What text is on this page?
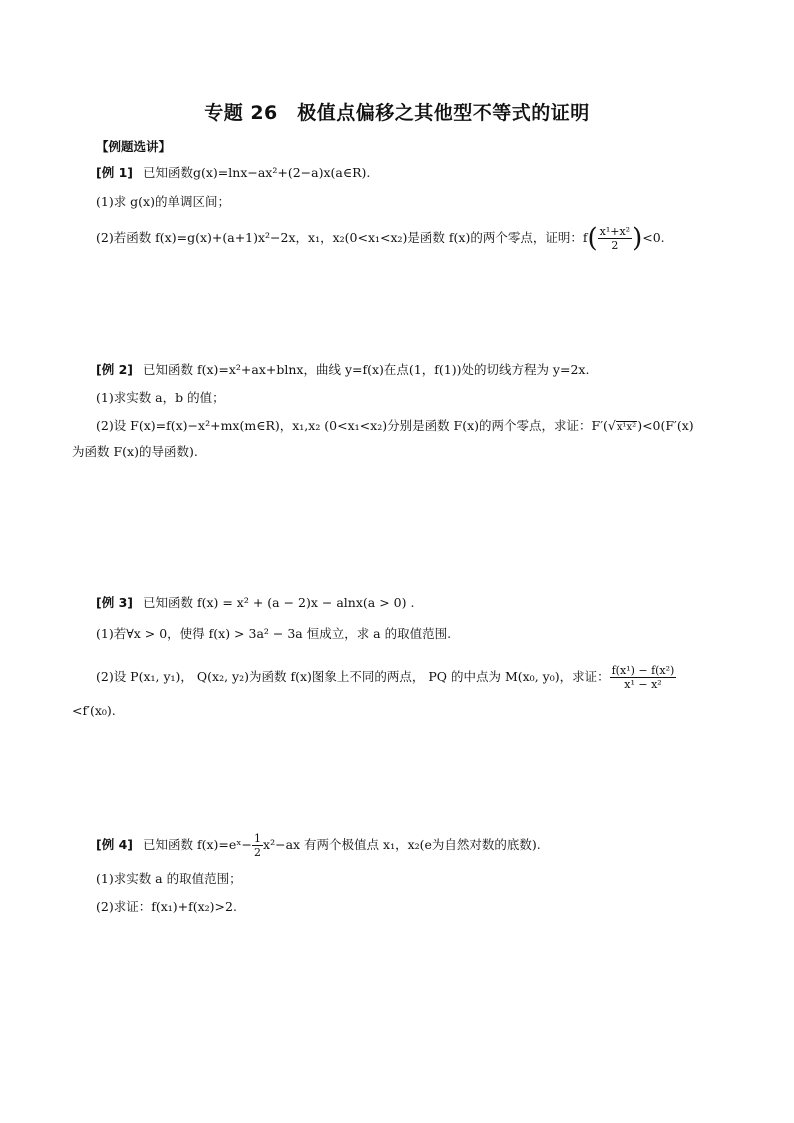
专题 26　极值点偏移之其他型不等式的证明
【例题选讲】
[例 1] 已知函数g(x)=lnx−ax²+(2−a)x(a∈R).
(1)求 g(x)的单调区间；
(2)若函数 f(x)=g(x)+(a+1)x²−2x，x₁，x₂(0<x₁<x₂)是函数 f(x)的两个零点，证明：$f( \frac{\text{x¹+x²}}{2} )<0$.
[例 2] 已知函数 f(x)=x²+ax+blnx，曲线 y=f(x)在点(1，f(1))处的切线方程为 y=2x.
(1)求实数 a，b 的值；
(2)设 F(x)=f(x)−x²+mx(m∈R)，x₁,x₂ (0<x₁<x₂)分别是函数 F(x)的两个零点，求证：F′(√x¹x²)<0(F′(x)
为函数 F(x)的导函数).
[例 3] 已知函数 f(x) = x² + (a − 2)x − alnx(a > 0) .
(1)若∀x > 0，使得 f(x) > 3a² − 3a 恒成立，求 a 的取值范围.
(2)设 P(x₁, y₁)， Q(x₂, y₂)为函数 f(x)图象上不同的两点， PQ 的中点为 M(x₀, y₀)，求证： $\frac{\text{f(x¹) − f(x²)}}{\text{x¹ − x²}}$
<f′(x₀).
[例 4] 已知函数 f(x)=eˣ− $\frac{1}{2} x^2-ax$ 有两个极值点 x₁，x₂(e为自然对数的底数).
(1)求实数 a 的取值范围；
(2)求证：f(x₁)+f(x₂)>2.
